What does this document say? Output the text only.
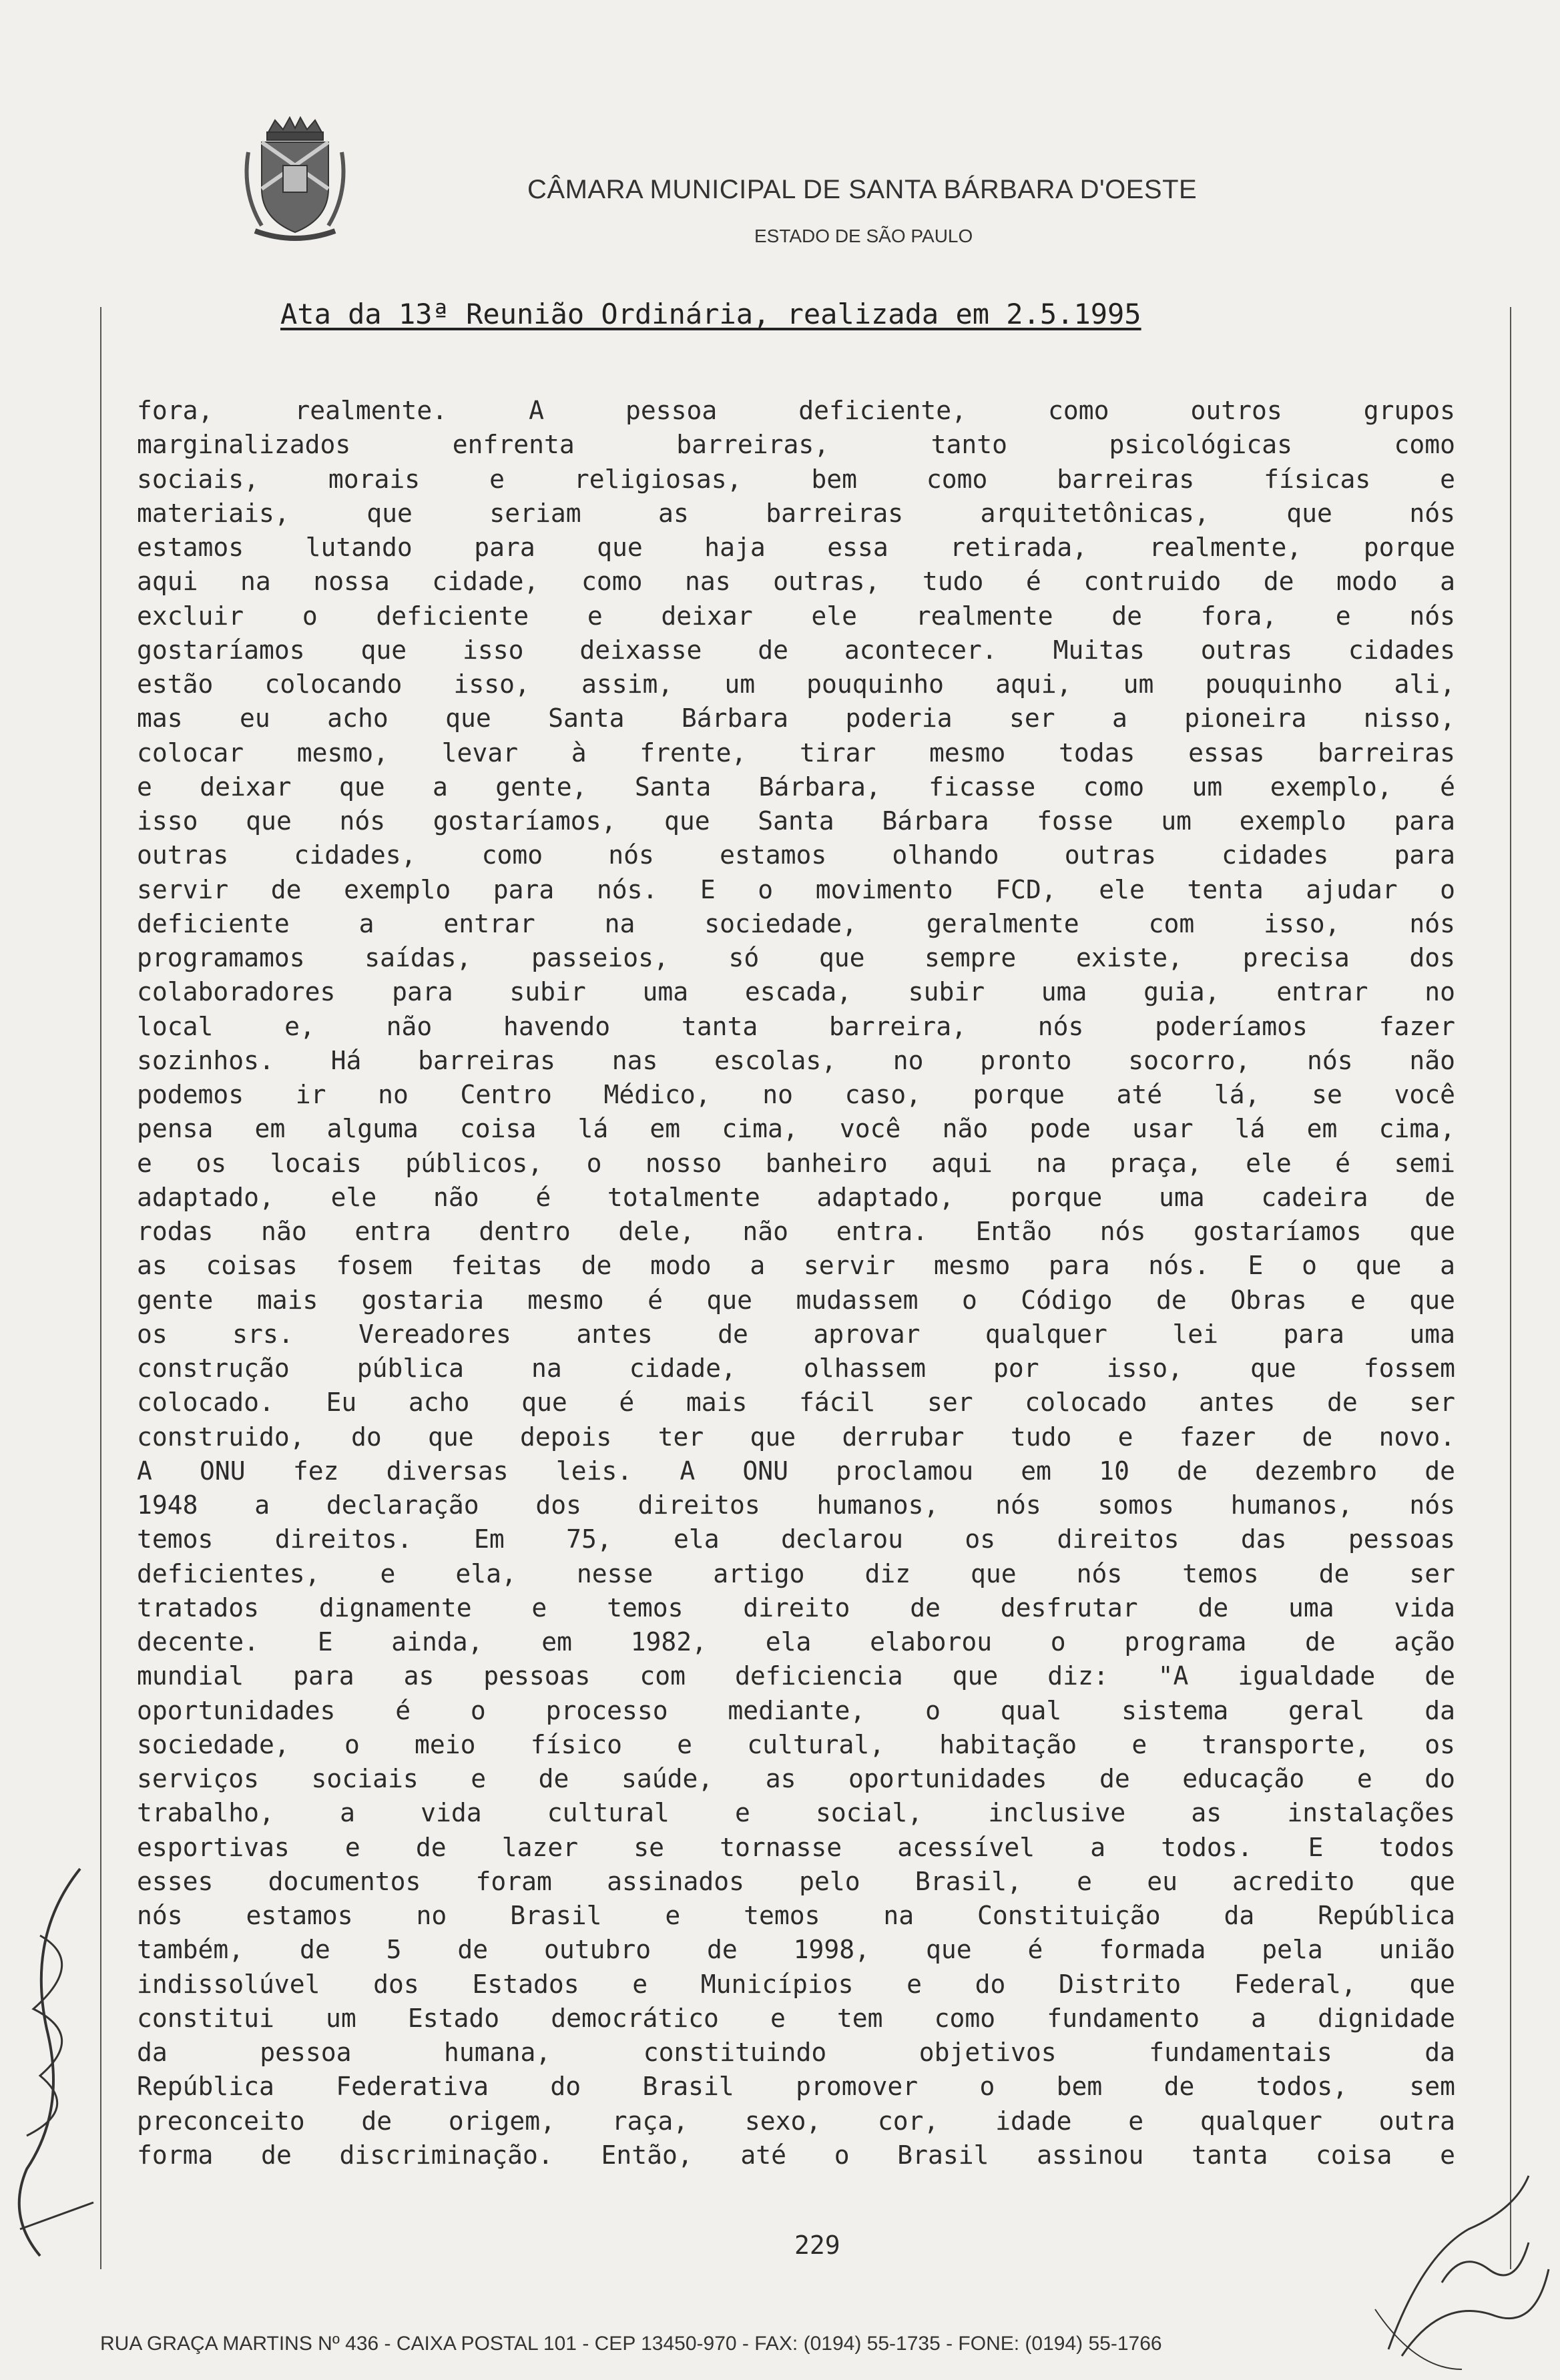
CÂMARA MUNICIPAL DE SANTA BÁRBARA D'OESTE
ESTADO DE SÃO PAULO
Ata da 13ª Reunião Ordinária, realizada em 2.5.1995
fora, realmente. A pessoa deficiente, como outros grupos
marginalizados enfrenta barreiras, tanto psicológicas como
sociais, morais e religiosas, bem como barreiras físicas e
materiais, que seriam as barreiras arquitetônicas, que nós
estamos lutando para que haja essa retirada, realmente, porque
aqui na nossa cidade, como nas outras, tudo é contruido de modo a
excluir o deficiente e deixar ele realmente de fora, e nós
gostaríamos que isso deixasse de acontecer. Muitas outras cidades
estão colocando isso, assim, um pouquinho aqui, um pouquinho ali,
mas eu acho que Santa Bárbara poderia ser a pioneira nisso,
colocar mesmo, levar à frente, tirar mesmo todas essas barreiras
e deixar que a gente, Santa Bárbara, ficasse como um exemplo, é
isso que nós gostaríamos, que Santa Bárbara fosse um exemplo para
outras cidades, como nós estamos olhando outras cidades para
servir de exemplo para nós. E o movimento FCD, ele tenta ajudar o
deficiente a entrar na sociedade, geralmente com isso, nós
programamos saídas, passeios, só que sempre existe, precisa dos
colaboradores para subir uma escada, subir uma guia, entrar no
local e, não havendo tanta barreira, nós poderíamos fazer
sozinhos. Há barreiras nas escolas, no pronto socorro, nós não
podemos ir no Centro Médico, no caso, porque até lá, se você
pensa em alguma coisa lá em cima, você não pode usar lá em cima,
e os locais públicos, o nosso banheiro aqui na praça, ele é semi
adaptado, ele não é totalmente adaptado, porque uma cadeira de
rodas não entra dentro dele, não entra. Então nós gostaríamos que
as coisas fosem feitas de modo a servir mesmo para nós. E o que a
gente mais gostaria mesmo é que mudassem o Código de Obras e que
os srs. Vereadores antes de aprovar qualquer lei para uma
construção pública na cidade, olhassem por isso, que fossem
colocado. Eu acho que é mais fácil ser colocado antes de ser
construido, do que depois ter que derrubar tudo e fazer de novo.
A ONU fez diversas leis. A ONU proclamou em 10 de dezembro de
1948 a declaração dos direitos humanos, nós somos humanos, nós
temos direitos. Em 75, ela declarou os direitos das pessoas
deficientes, e ela, nesse artigo diz que nós temos de ser
tratados dignamente e temos direito de desfrutar de uma vida
decente. E ainda, em 1982, ela elaborou o programa de ação
mundial para as pessoas com deficiencia que diz: "A igualdade de
oportunidades é o processo mediante, o qual sistema geral da
sociedade, o meio físico e cultural, habitação e transporte, os
serviços sociais e de saúde, as oportunidades de educação e do
trabalho, a vida cultural e social, inclusive as instalações
esportivas e de lazer se tornasse acessível a todos. E todos
esses documentos foram assinados pelo Brasil, e eu acredito que
nós estamos no Brasil e temos na Constituição da República
também, de 5 de outubro de 1998, que é formada pela união
indissolúvel dos Estados e Municípios e do Distrito Federal, que
constitui um Estado democrático e tem como fundamento a dignidade
da pessoa humana, constituindo objetivos fundamentais da
República Federativa do Brasil promover o bem de todos, sem
preconceito de origem, raça, sexo, cor, idade e qualquer outra
forma de discriminação. Então, até o Brasil assinou tanta coisa e
229
RUA GRAÇA MARTINS Nº 436 - CAIXA POSTAL 101 - CEP 13450-970 - FAX: (0194) 55-1735 - FONE: (0194) 55-1766
